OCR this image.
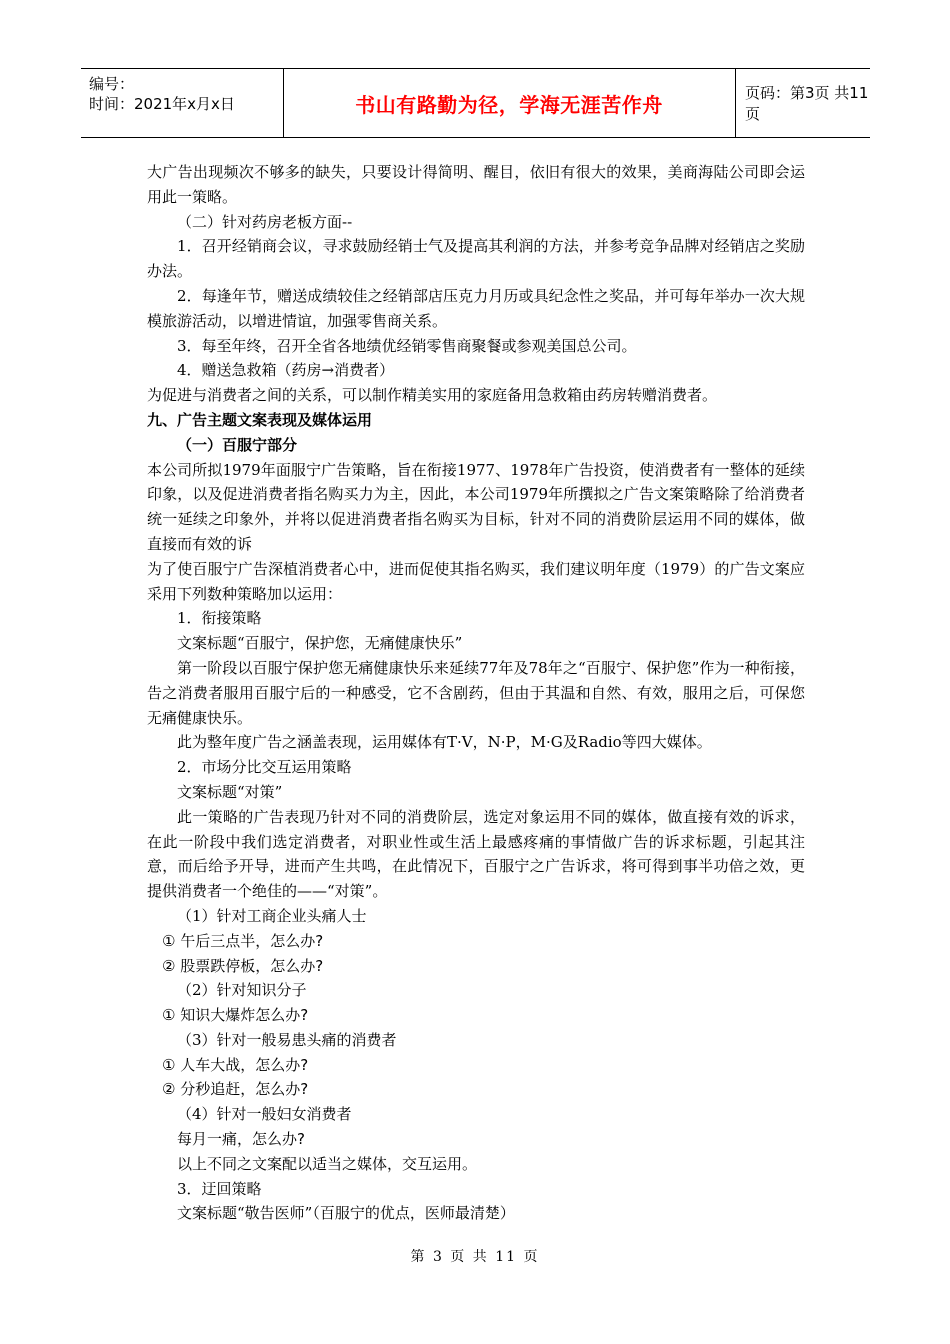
编号：
时间：2021年x月x日	书山有路勤为径，学海无涯苦作舟	页码：第3页 共11页

大广告出现频次不够多的缺失，只要设计得简明、醒目，依旧有很大的效果，美商海陆公司即会运用此一策略。

（二）针对药房老板方面--

1．召开经销商会议，寻求鼓励经销士气及提高其利润的方法，并参考竞争品牌对经销店之奖励办法。

2．每逢年节，赠送成绩较佳之经销部店压克力月历或具纪念性之奖品，并可每年举办一次大规模旅游活动，以增进情谊，加强零售商关系。

3．每至年终，召开全省各地绩优经销零售商聚餐或参观美国总公司。

4．赠送急救箱（药房→消费者）

为促进与消费者之间的关系，可以制作精美实用的家庭备用急救箱由药房转赠消费者。

九、广告主题文案表现及媒体运用

（一）百服宁部分

本公司所拟1979年面服宁广告策略，旨在衔接1977、1978年广告投资，使消费者有一整体的延续印象，以及促进消费者指名购买力为主，因此，本公司1979年所撰拟之广告文案策略除了给消费者统一延续之印象外，并将以促进消费者指名购买为目标，针对不同的消费阶层运用不同的媒体，做直接而有效的诉

为了使百服宁广告深植消费者心中，进而促使其指名购买，我们建议明年度（1979）的广告文案应采用下列数种策略加以运用：

1．衔接策略

文案标题“百服宁，保护您，无痛健康快乐”

第一阶段以百服宁保护您无痛健康快乐来延续77年及78年之“百服宁、保护您”作为一种衔接，告之消费者服用百服宁后的一种感受，它不含剧药，但由于其温和自然、有效，服用之后，可保您无痛健康快乐。

此为整年度广告之涵盖表现，运用媒体有T·V，N·P，M·G及Radio等四大媒体。

2．市场分比交互运用策略

文案标题“对策”

此一策略的广告表现乃针对不同的消费阶层，选定对象运用不同的媒体，做直接有效的诉求，在此一阶段中我们选定消费者，对职业性或生活上最感疼痛的事情做广告的诉求标题，引起其注意，而后给予开导，进而产生共鸣，在此情况下，百服宁之广告诉求，将可得到事半功倍之效，更提供消费者一个绝佳的——“对策”。

（1）针对工商企业头痛人士

① 午后三点半，怎么办?

② 股票跌停板，怎么办?

（2）针对知识分子

① 知识大爆炸怎么办?

（3）针对一般易患头痛的消费者

① 人车大战，怎么办?

② 分秒追赶，怎么办?

（4）针对一般妇女消费者

每月一痛，怎么办?

以上不同之文案配以适当之媒体，交互运用。

3．迂回策略

文案标题“敬告医师”（百服宁的优点，医师最清楚）

第 3 页 共 11 页
